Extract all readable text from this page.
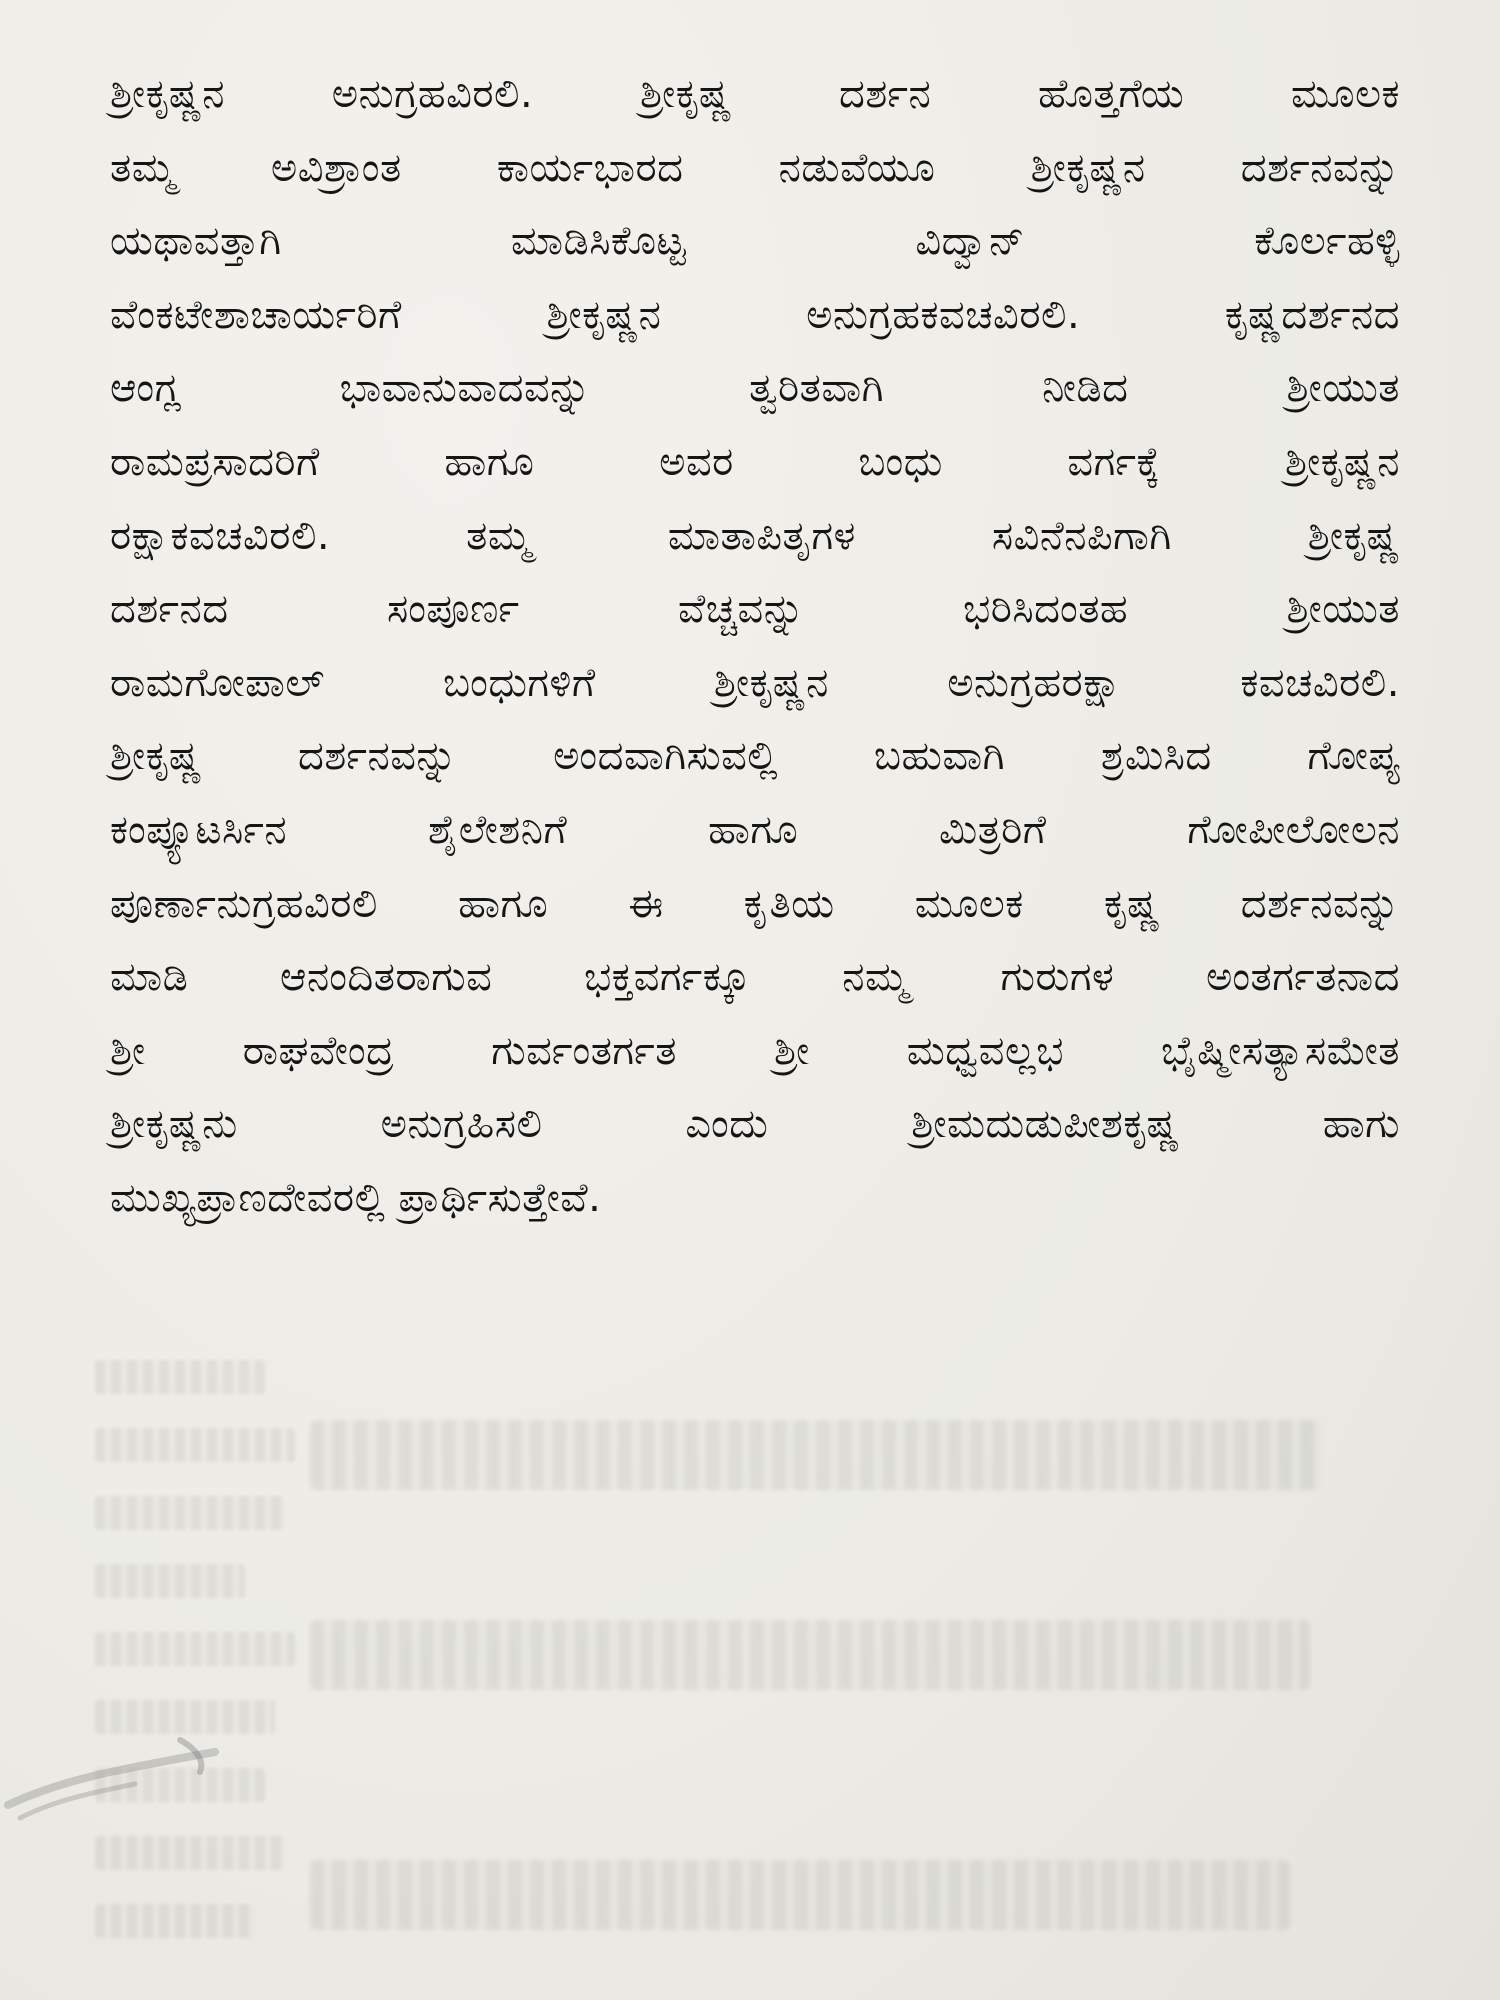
ಶ್ರೀಕೃಷ್ಣನ ಅನುಗ್ರಹವಿರಲಿ. ಶ್ರೀಕೃಷ್ಣ ದರ್ಶನ ಹೊತ್ತಗೆಯ ಮೂಲಕ
ತಮ್ಮ ಅವಿಶ್ರಾಂತ ಕಾರ್ಯಭಾರದ ನಡುವೆಯೂ ಶ್ರೀಕೃಷ್ಣನ ದರ್ಶನವನ್ನು
ಯಥಾವತ್ತಾಗಿ ಮಾಡಿಸಿಕೊಟ್ಟ ವಿದ್ವಾನ್ ಕೊರ್ಲಹಳ್ಳಿ
ವೆಂಕಟೇಶಾಚಾರ್ಯರಿಗೆ ಶ್ರೀಕೃಷ್ಣನ ಅನುಗ್ರಹಕವಚವಿರಲಿ. ಕೃಷ್ಣದರ್ಶನದ
ಆಂಗ್ಲ ಭಾವಾನುವಾದವನ್ನು ತ್ವರಿತವಾಗಿ ನೀಡಿದ ಶ್ರೀಯುತ
ರಾಮಪ್ರಸಾದರಿಗೆ ಹಾಗೂ ಅವರ ಬಂಧು ವರ್ಗಕ್ಕೆ ಶ್ರೀಕೃಷ್ಣನ
ರಕ್ಷಾಕವಚವಿರಲಿ. ತಮ್ಮ ಮಾತಾಪಿತೃಗಳ ಸವಿನೆನಪಿಗಾಗಿ ಶ್ರೀಕೃಷ್ಣ
ದರ್ಶನದ ಸಂಪೂರ್ಣ ವೆಚ್ಚವನ್ನು ಭರಿಸಿದಂತಹ ಶ್ರೀಯುತ
ರಾಮಗೋಪಾಲ್ ಬಂಧುಗಳಿಗೆ ಶ್ರೀಕೃಷ್ಣನ ಅನುಗ್ರಹರಕ್ಷಾ ಕವಚವಿರಲಿ.
ಶ್ರೀಕೃಷ್ಣ ದರ್ಶನವನ್ನು ಅಂದವಾಗಿಸುವಲ್ಲಿ ಬಹುವಾಗಿ ಶ್ರಮಿಸಿದ ಗೋಪ್ಯ
ಕಂಪ್ಯೂಟರ್ಸಿನ ಶೈಲೇಶನಿಗೆ ಹಾಗೂ ಮಿತ್ರರಿಗೆ ಗೋಪೀಲೋಲನ
ಪೂರ್ಣಾನುಗ್ರಹವಿರಲಿ ಹಾಗೂ ಈ ಕೃತಿಯ ಮೂಲಕ ಕೃಷ್ಣ ದರ್ಶನವನ್ನು
ಮಾಡಿ ಆನಂದಿತರಾಗುವ ಭಕ್ತವರ್ಗಕ್ಕೂ ನಮ್ಮ ಗುರುಗಳ ಅಂತರ್ಗತನಾದ
ಶ್ರೀ ರಾಘವೇಂದ್ರ ಗುರ್ವಂತರ್ಗತ ಶ್ರೀ ಮಧ್ವವಲ್ಲಭ ಭೈಷ್ಮೀಸತ್ಯಾಸಮೇತ
ಶ್ರೀಕೃಷ್ಣನು ಅನುಗ್ರಹಿಸಲಿ ಎಂದು ಶ್ರೀಮದುಡುಪೀಶಕೃಷ್ಣ ಹಾಗು
ಮುಖ್ಯಪ್ರಾಣದೇವರಲ್ಲಿ ಪ್ರಾರ್ಥಿಸುತ್ತೇವೆ.
